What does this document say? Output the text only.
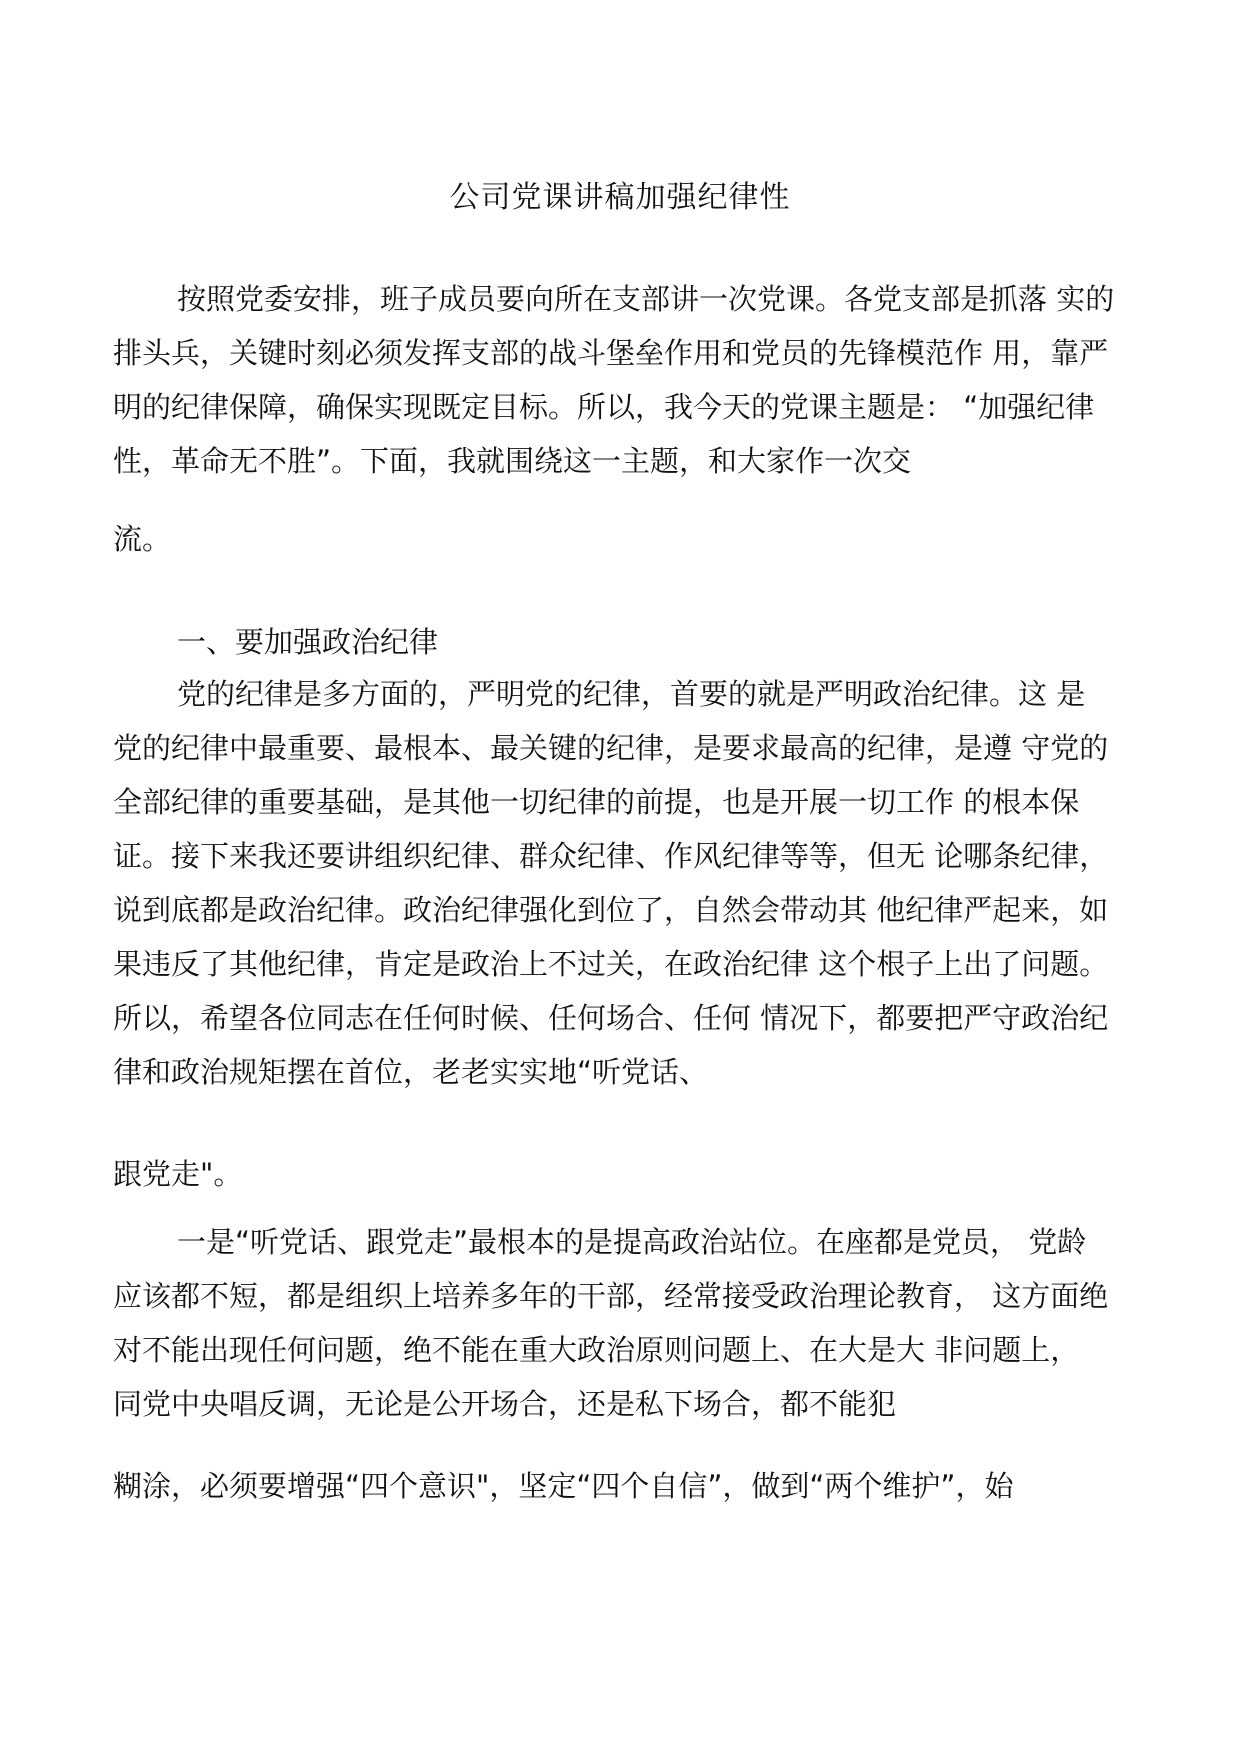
公司党课讲稿加强纪律性
按照党委安排，班子成员要向所在支部讲一次党课。各党支部是抓落 实的
排头兵，关键时刻必须发挥支部的战斗堡垒作用和党员的先锋模范作 用，靠严
明的纪律保障，确保实现既定目标。所以，我今天的党课主题是： “加强纪律
性，革命无不胜”。下面，我就围绕这一主题，和大家作一次交
流。
一、要加强政治纪律
党的纪律是多方面的，严明党的纪律，首要的就是严明政治纪律。这 是
党的纪律中最重要、最根本、最关键的纪律，是要求最高的纪律，是遵 守党的
全部纪律的重要基础，是其他一切纪律的前提，也是开展一切工作 的根本保
证。接下来我还要讲组织纪律、群众纪律、作风纪律等等，但无 论哪条纪律，
说到底都是政治纪律。政治纪律强化到位了，自然会带动其 他纪律严起来，如
果违反了其他纪律，肯定是政治上不过关，在政治纪律 这个根子上出了问题。
所以，希望各位同志在任何时候、任何场合、任何 情况下，都要把严守政治纪
律和政治规矩摆在首位，老老实实地“听党话、
跟党走"。
一是“听党话、跟党走”最根本的是提高政治站位。在座都是党员， 党龄
应该都不短，都是组织上培养多年的干部，经常接受政治理论教育， 这方面绝
对不能出现任何问题，绝不能在重大政治原则问题上、在大是大 非问题上，
同党中央唱反调，无论是公开场合，还是私下场合，都不能犯
糊涂，必须要增强“四个意识"，坚定“四个自信”，做到“两个维护”，始
